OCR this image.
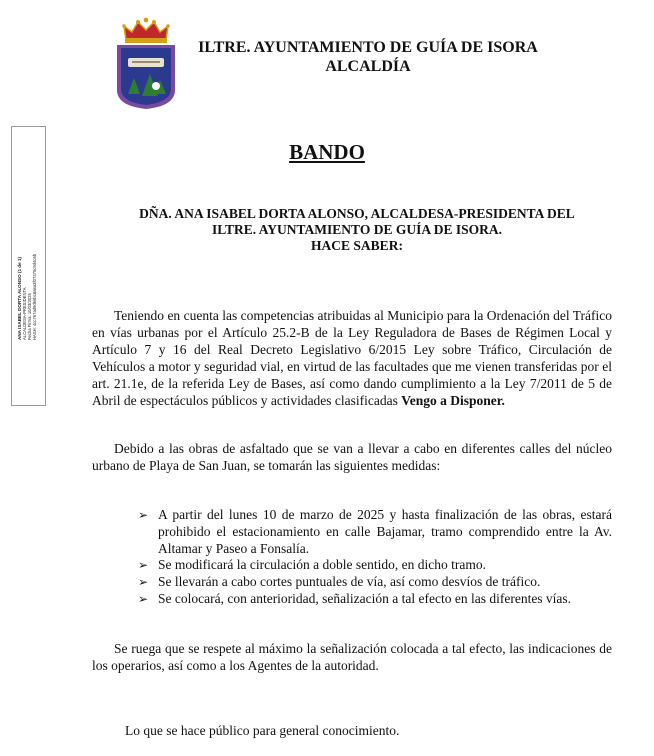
ILTRE. AYUNTAMIENTO DE GUÍA DE ISORA
ALCALDÍA
ANA ISABEL DORTA ALONSO (1 de 1) ALCALDESA-PRESIDENTA Fecha Firma: 10/03/2025 HASH: 4cc767ad9d66bc8a6a3f07475c9d4c6b
BANDO
DÑA. ANA ISABEL DORTA ALONSO, ALCALDESA-PRESIDENTA DEL
ILTRE. AYUNTAMIENTO DE GUÍA DE ISORA.
HACE SABER:

Teniendo en cuenta las competencias atribuidas al Municipio para la Ordenación del Tráfico en vías urbanas por el Artículo 25.2-B de la Ley Reguladora de Bases de Régimen Local y Artículo 7 y 16 del Real Decreto Legislativo 6/2015 Ley sobre Tráfico, Circulación de Vehículos a motor y seguridad vial, en virtud de las facultades que me vienen transferidas por el art. 21.1e, de la referida Ley de Bases, así como dando cumplimiento a la Ley 7/2011 de 5 de Abril de espectáculos públicos y actividades clasificadas Vengo a Disponer.

Debido a las obras de asfaltado que se van a llevar a cabo en diferentes calles del núcleo urbano de Playa de San Juan, se tomarán las siguientes medidas:

➢ A partir del lunes 10 de marzo de 2025 y hasta finalización de las obras, estará prohibido el estacionamiento en calle Bajamar, tramo comprendido entre la Av. Altamar y Paseo a Fonsalía.
➢ Se modificará la circulación a doble sentido, en dicho tramo.
➢ Se llevarán a cabo cortes puntuales de vía, así como desvíos de tráfico.
➢ Se colocará, con anterioridad, señalización a tal efecto en las diferentes vías.

Se ruega que se respete al máximo la señalización colocada a tal efecto, las indicaciones de los operarios, así como a los Agentes de la autoridad.

Lo que se hace público para general conocimiento.
